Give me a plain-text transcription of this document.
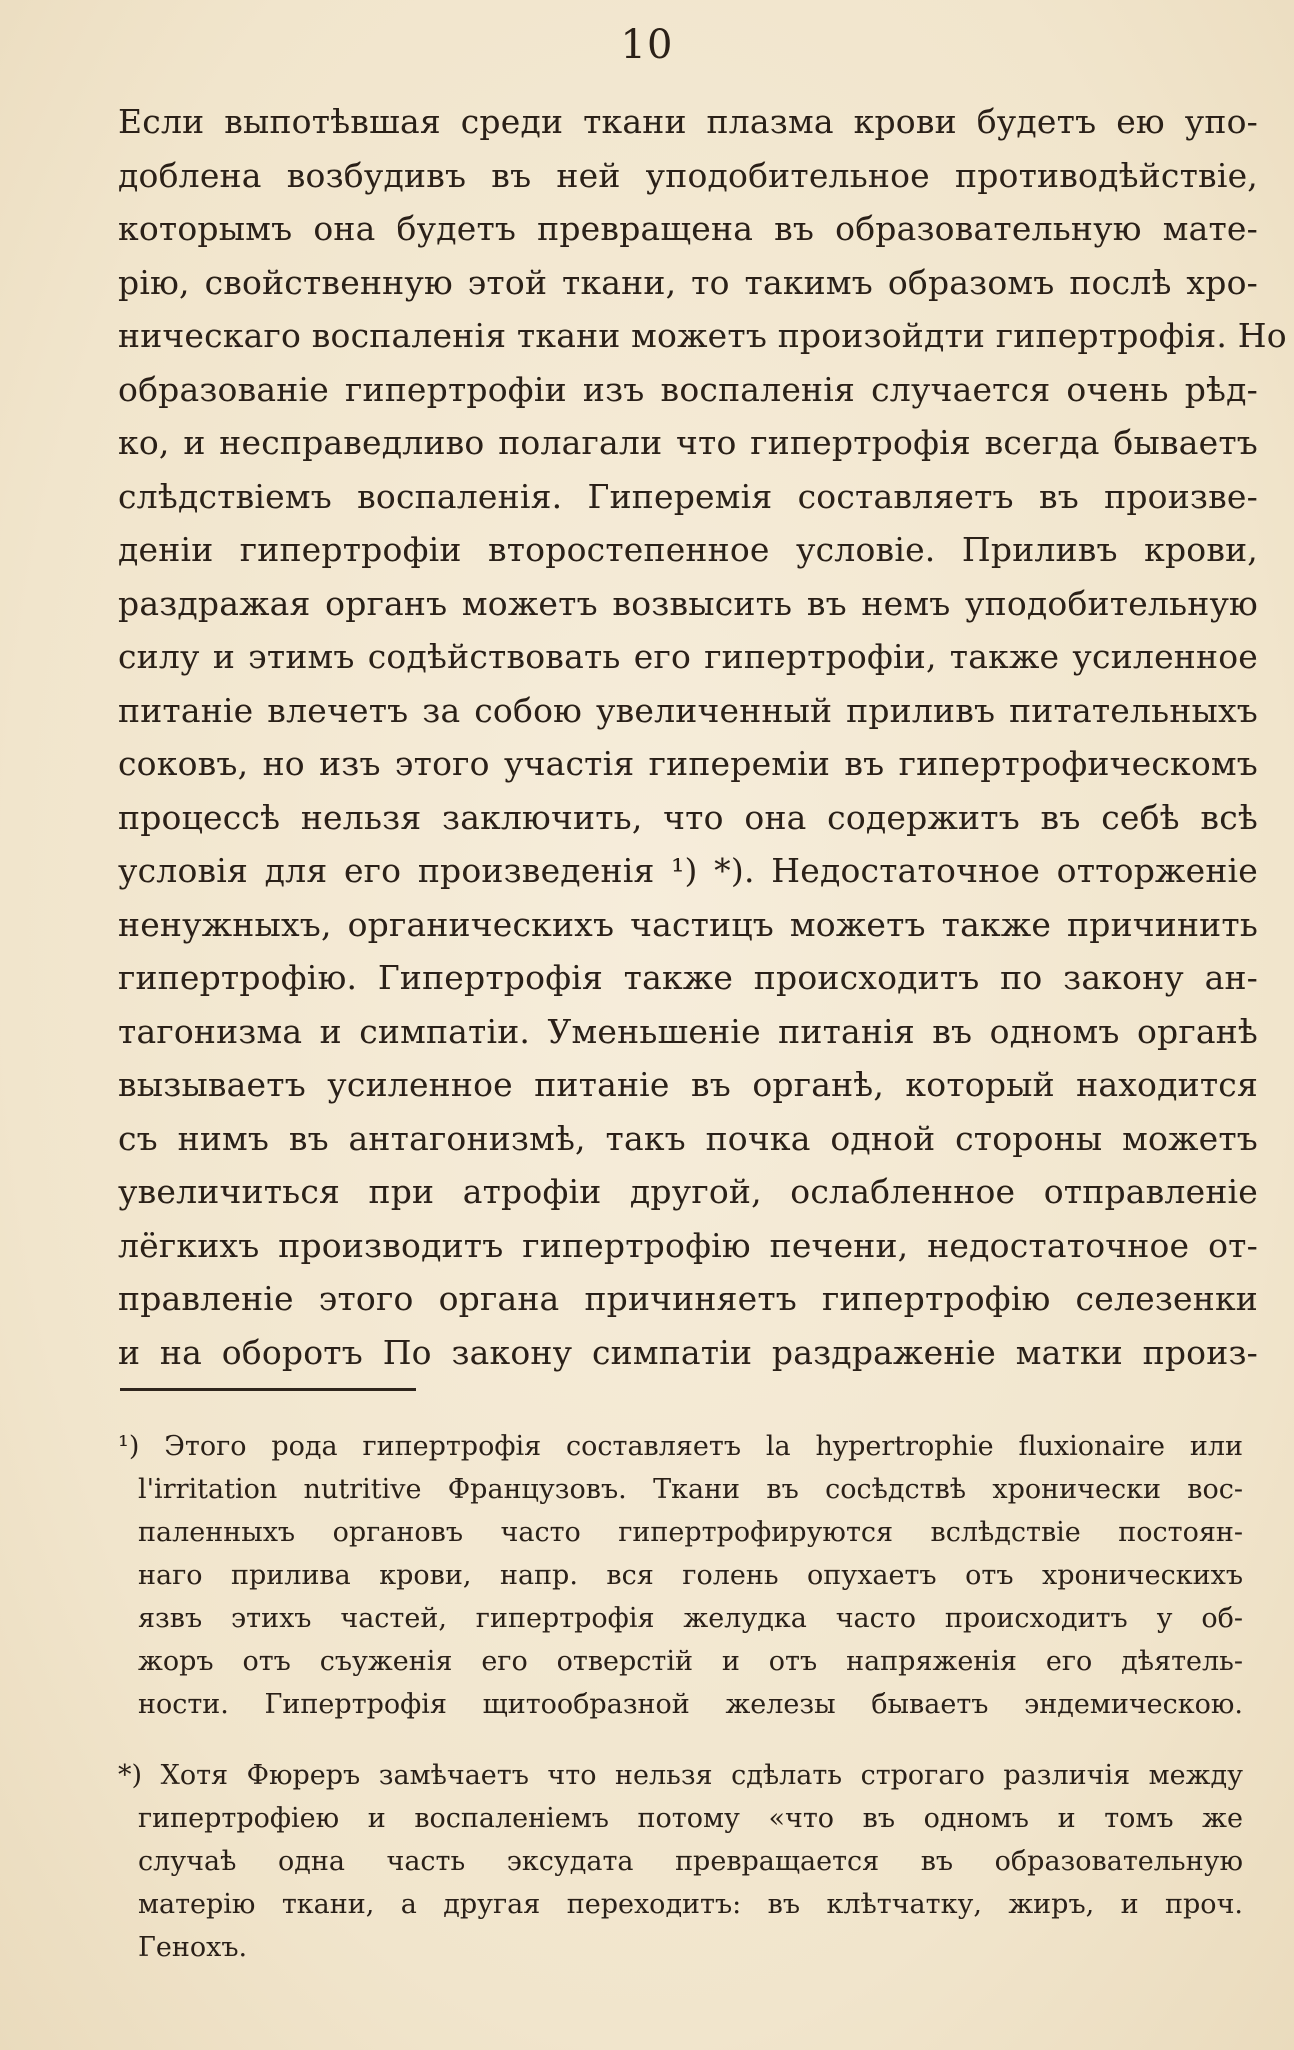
10
Если выпотѣвшая среди ткани плазма крови будетъ ею упо-
доблена возбудивъ въ ней уподобительное противодѣйствіе,
которымъ она будетъ превращена въ образовательную мате-
рію, свойственную этой ткани, то такимъ образомъ послѣ хро-
ническаго воспаленія ткани можетъ произойдти гипертрофія. Но
образованіе гипертрофіи изъ воспаленія случается очень рѣд-
ко, и несправедливо полагали что гипертрофія всегда бываетъ
слѣдствіемъ воспаленія. Гиперемія составляетъ въ произве-
деніи гипертрофіи второстепенное условіе. Приливъ крови,
раздражая органъ можетъ возвысить въ немъ уподобительную
силу и этимъ содѣйствовать его гипертрофіи, также усиленное
питаніе влечетъ за собою увеличенный приливъ питательныхъ
соковъ, но изъ этого участія гипереміи въ гипертрофическомъ
процессѣ нельзя заключить, что она содержитъ въ себѣ всѣ
условія для его произведенія ¹) *). Недостаточное отторженіе
ненужныхъ, органическихъ частицъ можетъ также причинить
гипертрофію. Гипертрофія также происходитъ по закону ан-
тагонизма и симпатіи. Уменьшеніе питанія въ одномъ органѣ
вызываетъ усиленное питаніе въ органѣ, который находится
съ нимъ въ антагонизмѣ, такъ почка одной стороны можетъ
увеличиться при атрофіи другой, ослабленное отправленіе
лёгкихъ производитъ гипертрофію печени, недостаточное от-
правленіе этого органа причиняетъ гипертрофію селезенки
и на оборотъ По закону симпатіи раздраженіе матки произ-
¹) Этого рода гипертрофія составляетъ la hypertrophie fluxionaire или
l'irritation nutritive Французовъ. Ткани въ сосѣдствѣ хронически вос-
паленныхъ органовъ часто гипертрофируются вслѣдствіе постоян-
наго прилива крови, напр. вся голень опухаетъ отъ хроническихъ
язвъ этихъ частей, гипертрофія желудка часто происходитъ у об-
жоръ отъ съуженія его отверстій и отъ напряженія его дѣятель-
ности. Гипертрофія щитообразной железы бываетъ эндемическою.
*) Хотя Фюреръ замѣчаетъ что нельзя сдѣлать строгаго различія между
гипертрофіею и воспаленіемъ потому «что въ одномъ и томъ же
случаѣ одна часть эксудата превращается въ образовательную
матерію ткани, а другая переходитъ: въ клѣтчатку, жиръ, и проч.
Генохъ.
